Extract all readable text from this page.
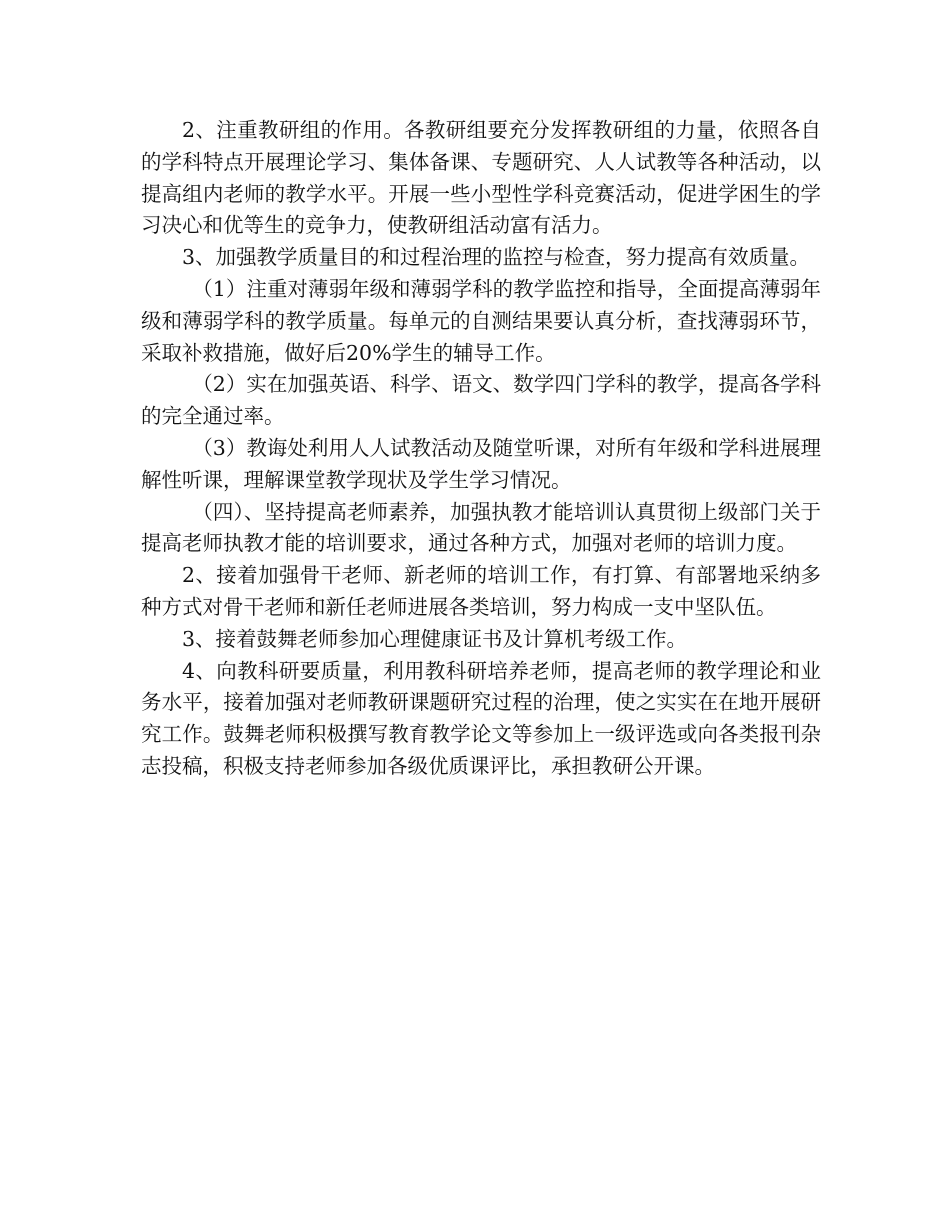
2、注重教研组的作用。各教研组要充分发挥教研组的力量，依照各自的学科特点开展理论学习、集体备课、专题研究、人人试教等各种活动，以提高组内老师的教学水平。开展一些小型性学科竞赛活动，促进学困生的学习决心和优等生的竞争力，使教研组活动富有活力。

3、加强教学质量目的和过程治理的监控与检查，努力提高有效质量。

（1）注重对薄弱年级和薄弱学科的教学监控和指导，全面提高薄弱年级和薄弱学科的教学质量。每单元的自测结果要认真分析，查找薄弱环节，采取补救措施，做好后20%学生的辅导工作。

（2）实在加强英语、科学、语文、数学四门学科的教学，提高各学科的完全通过率。

（3）教诲处利用人人试教活动及随堂听课，对所有年级和学科进展理解性听课，理解课堂教学现状及学生学习情况。

（四）、坚持提高老师素养，加强执教才能培训认真贯彻上级部门关于提高老师执教才能的培训要求，通过各种方式，加强对老师的培训力度。

2、接着加强骨干老师、新老师的培训工作，有打算、有部署地采纳多种方式对骨干老师和新任老师进展各类培训，努力构成一支中坚队伍。

3、接着鼓舞老师参加心理健康证书及计算机考级工作。

4、向教科研要质量，利用教科研培养老师，提高老师的教学理论和业务水平，接着加强对老师教研课题研究过程的治理，使之实实在在地开展研究工作。鼓舞老师积极撰写教育教学论文等参加上一级评选或向各类报刊杂志投稿，积极支持老师参加各级优质课评比，承担教研公开课。
